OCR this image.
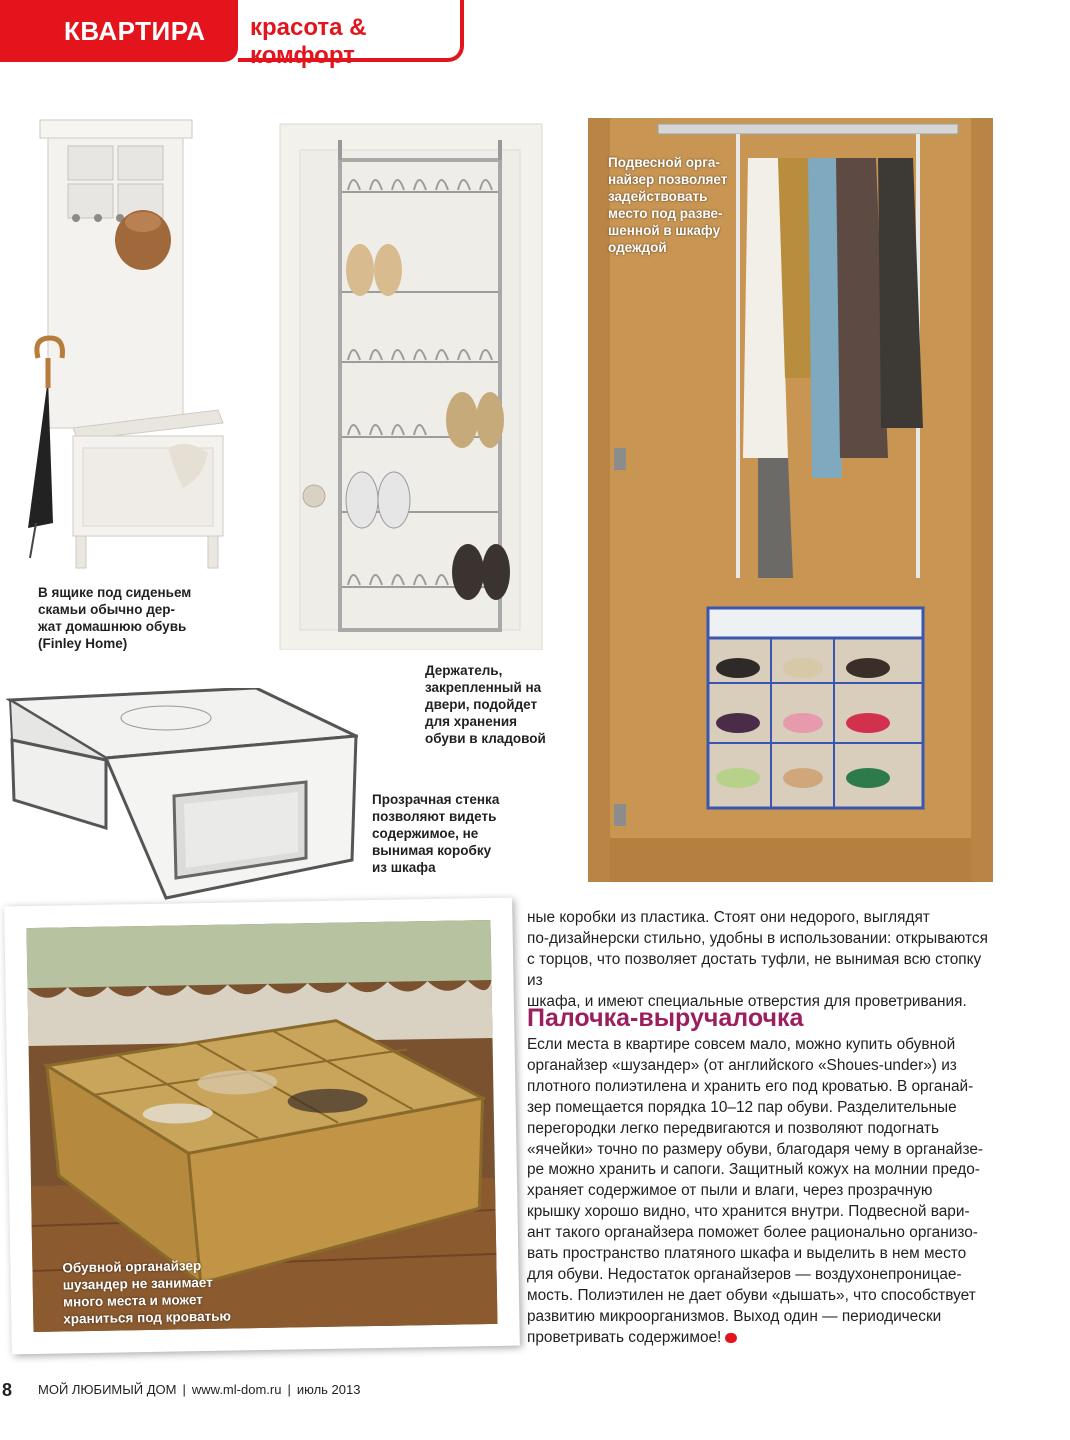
КВАРТИРА красота & комфорт
В ящике под сиденьем
скамьи обычно дер-
жат домашнюю обувь
(Finley Home)
Держатель,
закрепленный на
двери, подойдет
для хранения
обуви в кладовой
Подвесной орга-
найзер позволяет
задействовать
место под разве-
шенной в шкафу
одеждой
Прозрачная стенка
позволяют видеть
содержимое, не
вынимая коробку
из шкафа
Обувной органайзер
шузандер не занимает
много места и может
храниться под кроватью
ные коробки из пластика. Стоят они недорого, выглядят
по-дизайнерски стильно, удобны в использовании: открываются
с торцов, что позволяет достать туфли, не вынимая всю стопку из
шкафа, и имеют специальные отверстия для проветривания.
Палочка-выручалочка
Если места в квартире совсем мало, можно купить обувной
органайзер «шузандер» (от английского «Shoues-under») из
плотного полиэтилена и хранить его под кроватью. В органай-
зер помещается порядка 10–12 пар обуви. Разделительные
перегородки легко передвигаются и позволяют подогнать
«ячейки» точно по размеру обуви, благодаря чему в органайзе-
ре можно хранить и сапоги. Защитный кожух на молнии предо-
храняет содержимое от пыли и влаги, через прозрачную
крышку хорошо видно, что хранится внутри. Подвесной вари-
ант такого органайзера поможет более рационально организо-
вать пространство платяного шкафа и выделить в нем место
для обуви. Недостаток органайзеров — воздухонепроницае-
мость. Полиэтилен не дает обуви «дышать», что способствует
развитию микроорганизмов. Выход один — периодически
проветривать содержимое!
8 МОЙ ЛЮБИМЫЙ ДОМ | www.ml-dom.ru | июль 2013
